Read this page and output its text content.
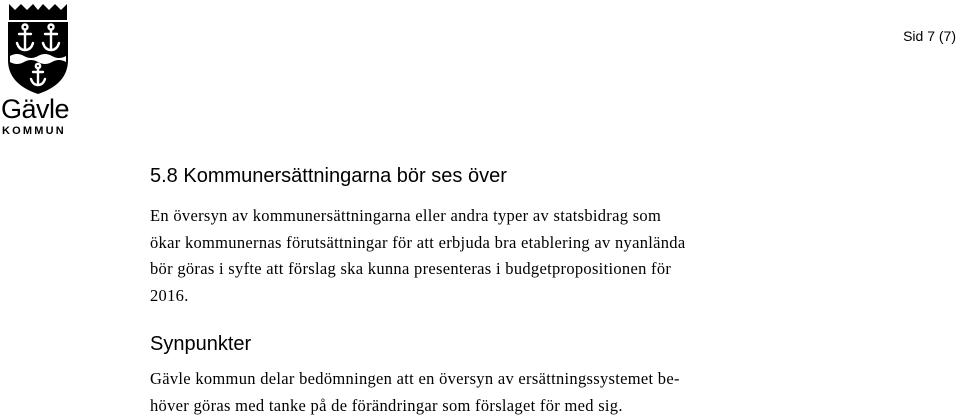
Gävle
KOMMUN
Sid 7 (7)
5.8 Kommunersättningarna bör ses över

En översyn av kommunersättningarna eller andra typer av statsbidrag som
ökar kommunernas förutsättningar för att erbjuda bra etablering av nyanlända
bör göras i syfte att förslag ska kunna presenteras i budgetpropositionen för
2016.

Synpunkter

Gävle kommun delar bedömningen att en översyn av ersättningssystemet be-
höver göras med tanke på de förändringar som förslaget för med sig.
